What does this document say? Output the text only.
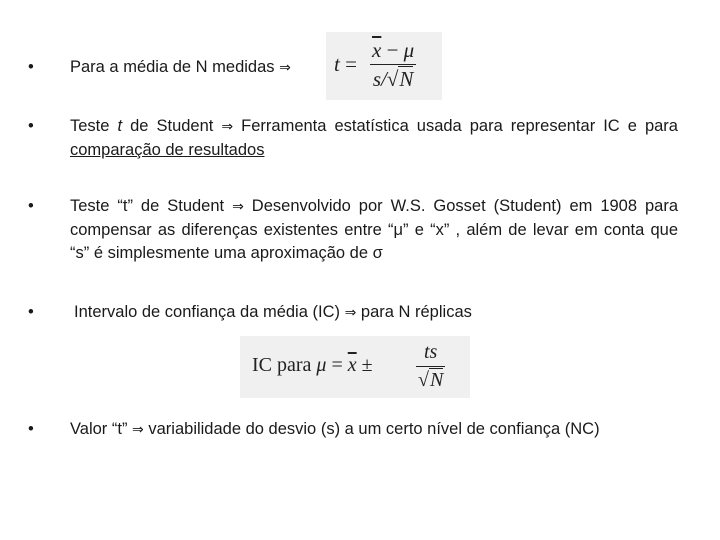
•	Para a média de N medidas ⇒	$t = \frac{\overline{x} - \mu}{s/√N}$
•	Teste t de Student ⇒ Ferramenta estatística usada para representar IC e para comparação de resultados
•	Teste “t” de Student ⇒ Desenvolvido por W.S. Gosset (Student) em 1908 para compensar as diferenças existentes entre “μ” e “x” , além de levar em conta que “s” é simplesmente uma aproximação de σ
•	Intervalo de confiança da média (IC) ⇒ para N réplicas
IC para $\mu = \overline{x} \pm \frac{ts}{√N}$
•	Valor “t” ⇒ variabilidade do desvio (s) a um certo nível de confiança (NC)
